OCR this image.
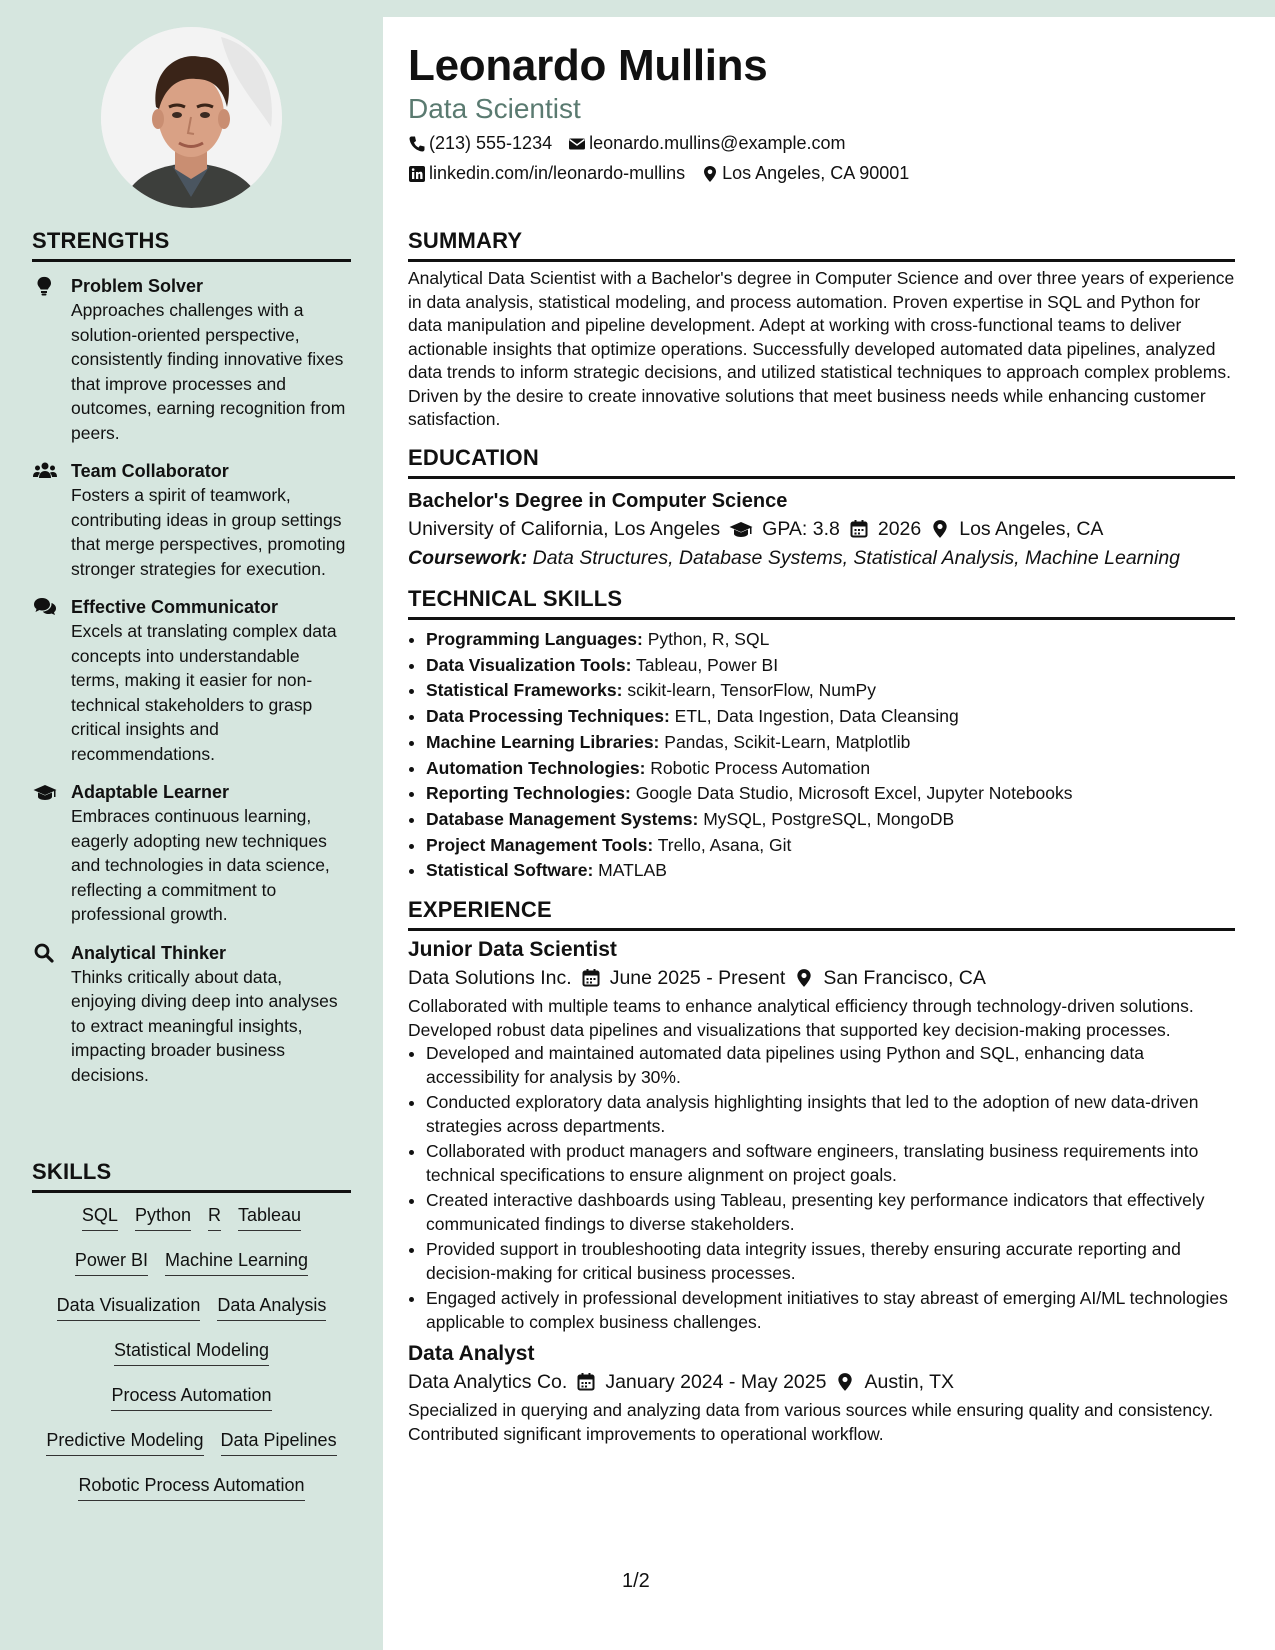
STRENGTHS
Problem Solver
Approaches challenges with a solution-oriented perspective, consistently finding innovative fixes that improve processes and outcomes, earning recognition from peers.
Team Collaborator
Fosters a spirit of teamwork, contributing ideas in group settings that merge perspectives, promoting stronger strategies for execution.
Effective Communicator
Excels at translating complex data concepts into understandable terms, making it easier for non-technical stakeholders to grasp critical insights and recommendations.
Adaptable Learner
Embraces continuous learning, eagerly adopting new techniques and technologies in data science, reflecting a commitment to professional growth.
Analytical Thinker
Thinks critically about data, enjoying diving deep into analyses to extract meaningful insights, impacting broader business decisions.
SKILLS
SQL Python R Tableau
Power BI Machine Learning
Data Visualization Data Analysis
Statistical Modeling
Process Automation
Predictive Modeling Data Pipelines
Robotic Process Automation
Leonardo Mullins
Data Scientist
(213) 555-1234 leonardo.mullins@example.com
linkedin.com/in/leonardo-mullins Los Angeles, CA 90001
SUMMARY

Analytical Data Scientist with a Bachelor's degree in Computer Science and over three years of experience in data analysis, statistical modeling, and process automation. Proven expertise in SQL and Python for data manipulation and pipeline development. Adept at working with cross-functional teams to deliver actionable insights that optimize operations. Successfully developed automated data pipelines, analyzed data trends to inform strategic decisions, and utilized statistical techniques to approach complex problems. Driven by the desire to create innovative solutions that meet business needs while enhancing customer satisfaction.

EDUCATION
Bachelor's Degree in Computer Science
University of California, Los Angeles GPA: 3.8 2026 Los Angeles, CA
Coursework: Data Structures, Database Systems, Statistical Analysis, Machine Learning
TECHNICAL SKILLS
• Programming Languages: Python, R, SQL
• Data Visualization Tools: Tableau, Power BI
• Statistical Frameworks: scikit-learn, TensorFlow, NumPy
• Data Processing Techniques: ETL, Data Ingestion, Data Cleansing
• Machine Learning Libraries: Pandas, Scikit-Learn, Matplotlib
• Automation Technologies: Robotic Process Automation
• Reporting Technologies: Google Data Studio, Microsoft Excel, Jupyter Notebooks
• Database Management Systems: MySQL, PostgreSQL, MongoDB
• Project Management Tools: Trello, Asana, Git
• Statistical Software: MATLAB
EXPERIENCE
Junior Data Scientist
Data Solutions Inc. June 2025 - Present San Francisco, CA

Collaborated with multiple teams to enhance analytical efficiency through technology-driven solutions. Developed robust data pipelines and visualizations that supported key decision-making processes.

• Developed and maintained automated data pipelines using Python and SQL, enhancing data accessibility for analysis by 30%.
• Conducted exploratory data analysis highlighting insights that led to the adoption of new data-driven strategies across departments.
• Collaborated with product managers and software engineers, translating business requirements into technical specifications to ensure alignment on project goals.
• Created interactive dashboards using Tableau, presenting key performance indicators that effectively communicated findings to diverse stakeholders.
• Provided support in troubleshooting data integrity issues, thereby ensuring accurate reporting and decision-making for critical business processes.
• Engaged actively in professional development initiatives to stay abreast of emerging AI/ML technologies applicable to complex business challenges.
Data Analyst
Data Analytics Co. January 2024 - May 2025 Austin, TX

Specialized in querying and analyzing data from various sources while ensuring quality and consistency. Contributed significant improvements to operational workflow.

1/2
